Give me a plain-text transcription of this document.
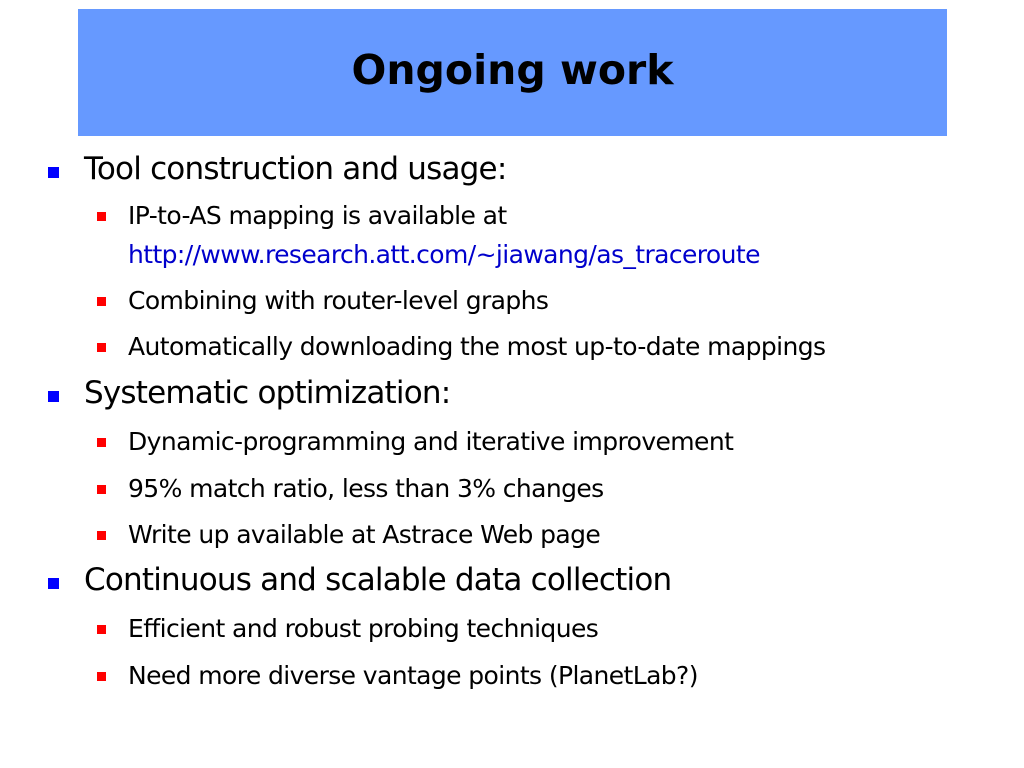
Ongoing work
Tool construction and usage:
IP-to-AS mapping is available at
http://www.research.att.com/~jiawang/as_traceroute
Combining with router-level graphs
Automatically downloading the most up-to-date mappings
Systematic optimization:
Dynamic-programming and iterative improvement
95% match ratio, less than 3% changes
Write up available at Astrace Web page
Continuous and scalable data collection
Efficient and robust probing techniques
Need more diverse vantage points (PlanetLab?)
